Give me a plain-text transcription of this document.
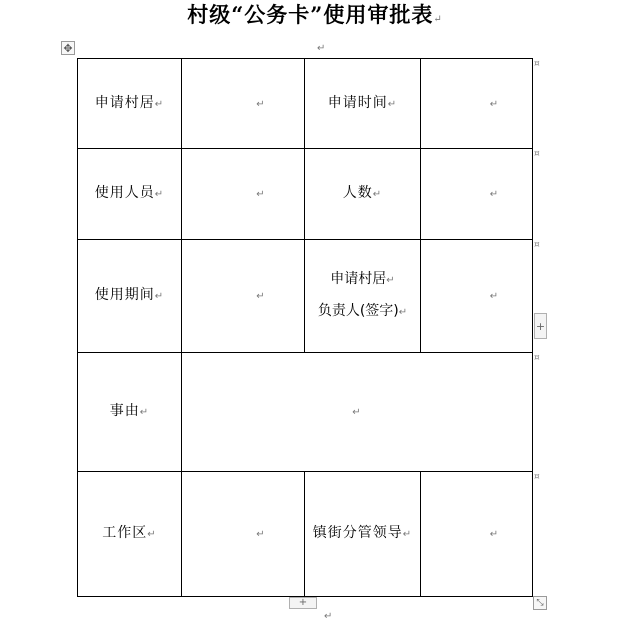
村级“公务卡”使用审批表↵
✥	↵
申请村居↵	↵	申请时间↵	↵
使用人员↵	↵	人数↵	↵
使用期间↵	↵	申请村居↵
负责人(签字)↵	↵
事由↵	↵		
工作区↵	↵	镇街分管领导↵	↵
¤
¤
¤
¤
¤
+
+	⤡
↵
